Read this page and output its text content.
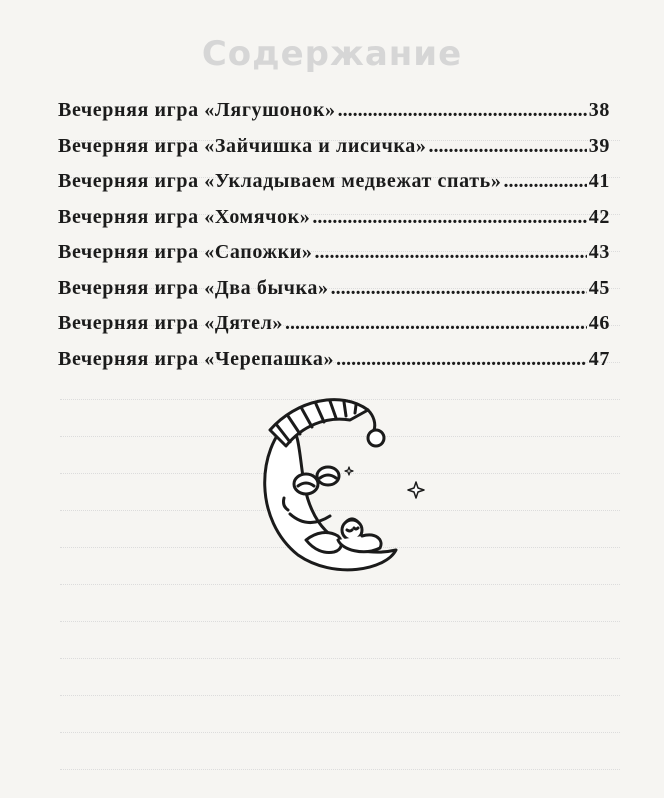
Содержание
Вечерняя игра «Лягушонок» . . .	38
Вечерняя игра «Зайчишка и лисичка» . . .	39
Вечерняя игра «Укладываем медвежат спать» . . .	41
Вечерняя игра «Хомячок» . . .	42
Вечерняя игра «Сапожки» . . .	43
Вечерняя игра «Два бычка» . . .	45
Вечерняя игра «Дятел» . . .	46
Вечерняя игра «Черепашка» . . .	47
